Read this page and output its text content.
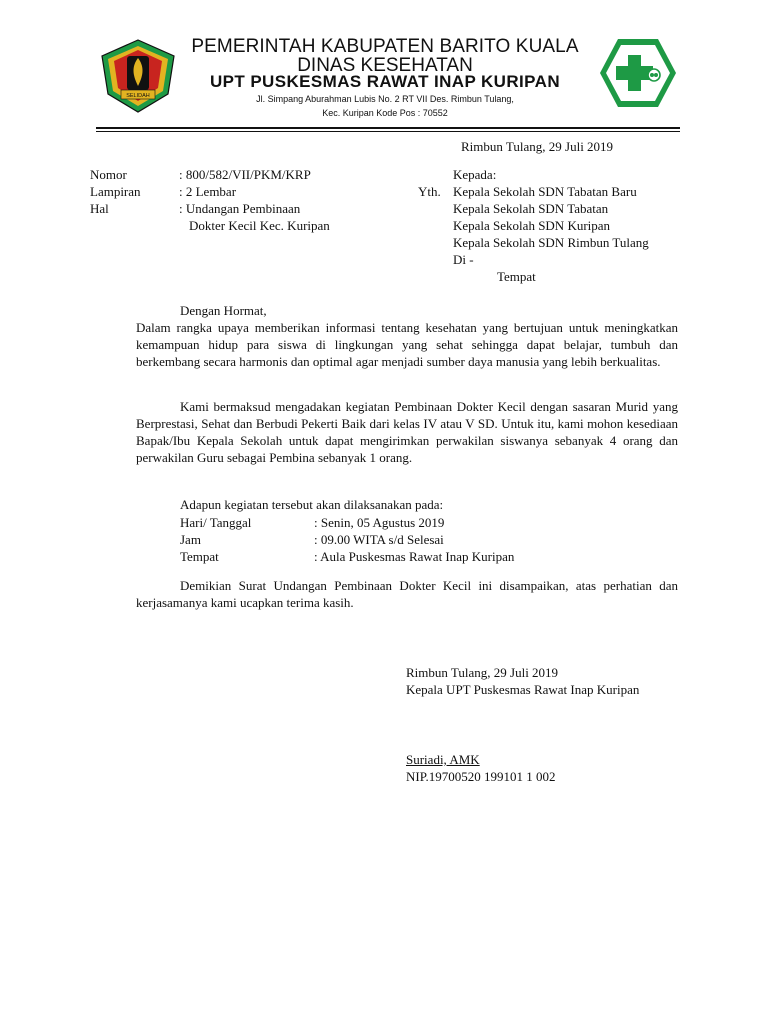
SELIDAH
PEMERINTAH KABUPATEN BARITO KUALA
DINAS KESEHATAN
UPT PUSKESMAS RAWAT INAP KURIPAN
Jl. Simpang Aburahman Lubis No. 2 RT VII Des. Rimbun Tulang,
Kec. Kuripan Kode Pos : 70552
Rimbun Tulang, 29 Juli 2019
Nomor	: 800/582/VII/PKM/KRP
Lampiran	: 2 Lembar
Hal	: Undangan Pembinaan
Dokter Kecil Kec. Kuripan
Kepada:
Yth. Kepala Sekolah SDN Tabatan Baru
Kepala Sekolah SDN Tabatan
Kepala Sekolah SDN Kuripan
Kepala Sekolah SDN Rimbun Tulang
Di -
Tempat
Dengan Hormat,

Dalam rangka upaya memberikan informasi tentang kesehatan yang bertujuan untuk meningkatkan kemampuan hidup para siswa di lingkungan yang sehat sehingga dapat belajar, tumbuh dan berkembang secara harmonis dan optimal agar menjadi sumber daya manusia yang lebih berkualitas.

Kami bermaksud mengadakan kegiatan Pembinaan Dokter Kecil dengan sasaran Murid yang Berprestasi, Sehat dan Berbudi Pekerti Baik dari kelas IV atau V SD. Untuk itu, kami mohon kesediaan Bapak/Ibu Kepala Sekolah untuk dapat mengirimkan perwakilan siswanya sebanyak 4 orang dan perwakilan Guru sebagai Pembina sebanyak 1 orang.

Adapun kegiatan tersebut akan dilaksanakan pada:
Hari/ Tanggal	: Senin, 05 Agustus 2019
Jam	: 09.00 WITA s/d Selesai
Tempat	: Aula Puskesmas Rawat Inap Kuripan

Demikian Surat Undangan Pembinaan Dokter Kecil ini disampaikan, atas perhatian dan kerjasamanya kami ucapkan terima kasih.

Rimbun Tulang, 29 Juli 2019
Kepala UPT Puskesmas Rawat Inap Kuripan
Suriadi, AMK
NIP.19700520 199101 1 002
